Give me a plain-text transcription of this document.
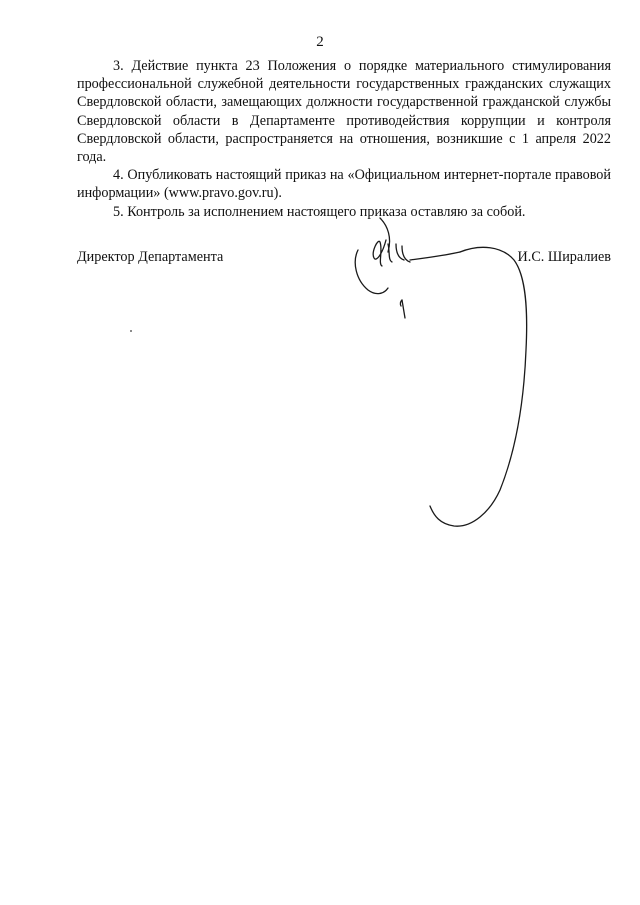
2

3. Действие пункта 23 Положения о порядке материального стимулирования профессиональной служебной деятельности государственных гражданских служащих Свердловской области, замещающих должности государственной гражданской службы Свердловской области в Департаменте противодействия коррупции и контроля Свердловской области, распространяется на отношения, возникшие с 1 апреля 2022 года.

4. Опубликовать настоящий приказ на «Официальном интернет-портале правовой информации» (www.pravo.gov.ru).

5. Контроль за исполнением настоящего приказа оставляю за собой.

Директор Департамента	И.С. Ширалиев
